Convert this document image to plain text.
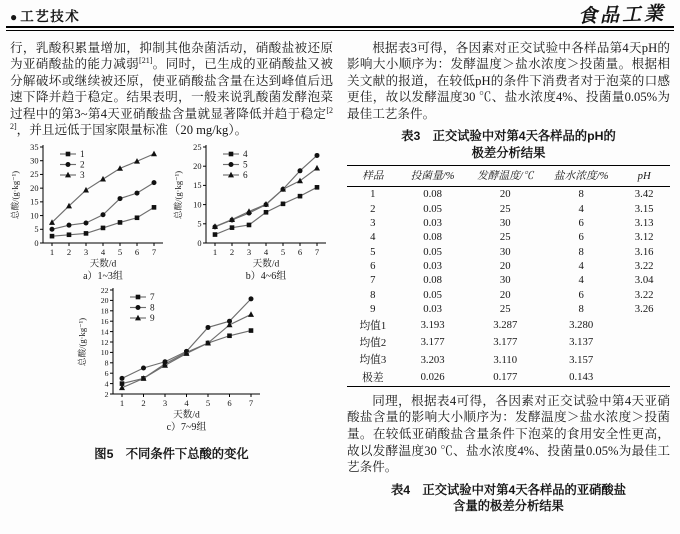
● 工艺技术	食品工業

行，乳酸积累量增加，抑制其他杂菌活动，硝酸盐被还原为亚硝酸盐的能力减弱[21]。同时，已生成的亚硝酸盐又被分解破坏或继续被还原，使亚硝酸盐含量在达到峰值后迅速下降并趋于稳定。结果表明，一般来说乳酸菌发酵泡菜过程中的第3~第4天亚硝酸盐含量就显著降低并趋于稳定[22]，并且远低于国家限量标准（20 mg/kg）。

0
5
10
15
20
25
30
35
1 2 3 4 5 6 7
天数/d
a）1~3组
总酸/(g·kg⁻¹)
1
2
3
0
5
10
15
20
25
1 2 3 4 5 6 7
天数/d
b）4~6组
总酸/(g·kg⁻¹)
4
5
6
2
4
6
8
10
12
14
16
18
20
22
1 2 3 4 5 6 7
天数/d
c）7~9组
总酸/(g·kg⁻¹)
7
8
9
图5　不同条件下总酸的变化

根据表3可得，各因素对正交试验中各样品第4天pH的影响大小顺序为：发酵温度＞盐水浓度＞投菌量。根据相关文献的报道，在较低pH的条件下消费者对于泡菜的口感更佳，故以发酵温度30 ℃、盐水浓度4%、投菌量0.05%为最佳工艺条件。

表3　正交试验中对第4天各样品的pH的
极差分析结果
样品	投菌量/%	发酵温度/℃	盐水浓度/%	pH
1	0.08	20	8	3.42
2	0.05	25	4	3.15
3	0.03	30	6	3.13
4	0.08	25	6	3.12
5	0.05	30	8	3.16
6	0.03	20	4	3.22
7	0.08	30	4	3.04
8	0.05	20	6	3.22
9	0.03	25	8	3.26
均值1	3.193	3.287	3.280	
均值2	3.177	3.177	3.137	
均值3	3.203	3.110	3.157	
极差	0.026	0.177	0.143	

同理，根据表4可得，各因素对正交试验中第4天亚硝酸盐含量的影响大小顺序为：发酵温度＞盐水浓度＞投菌量。在较低亚硝酸盐含量条件下泡菜的食用安全性更高，故以发酵温度30 ℃、盐水浓度4%、投菌量0.05%为最佳工艺条件。

表4　正交试验中对第4天各样品的亚硝酸盐
含量的极差分析结果
